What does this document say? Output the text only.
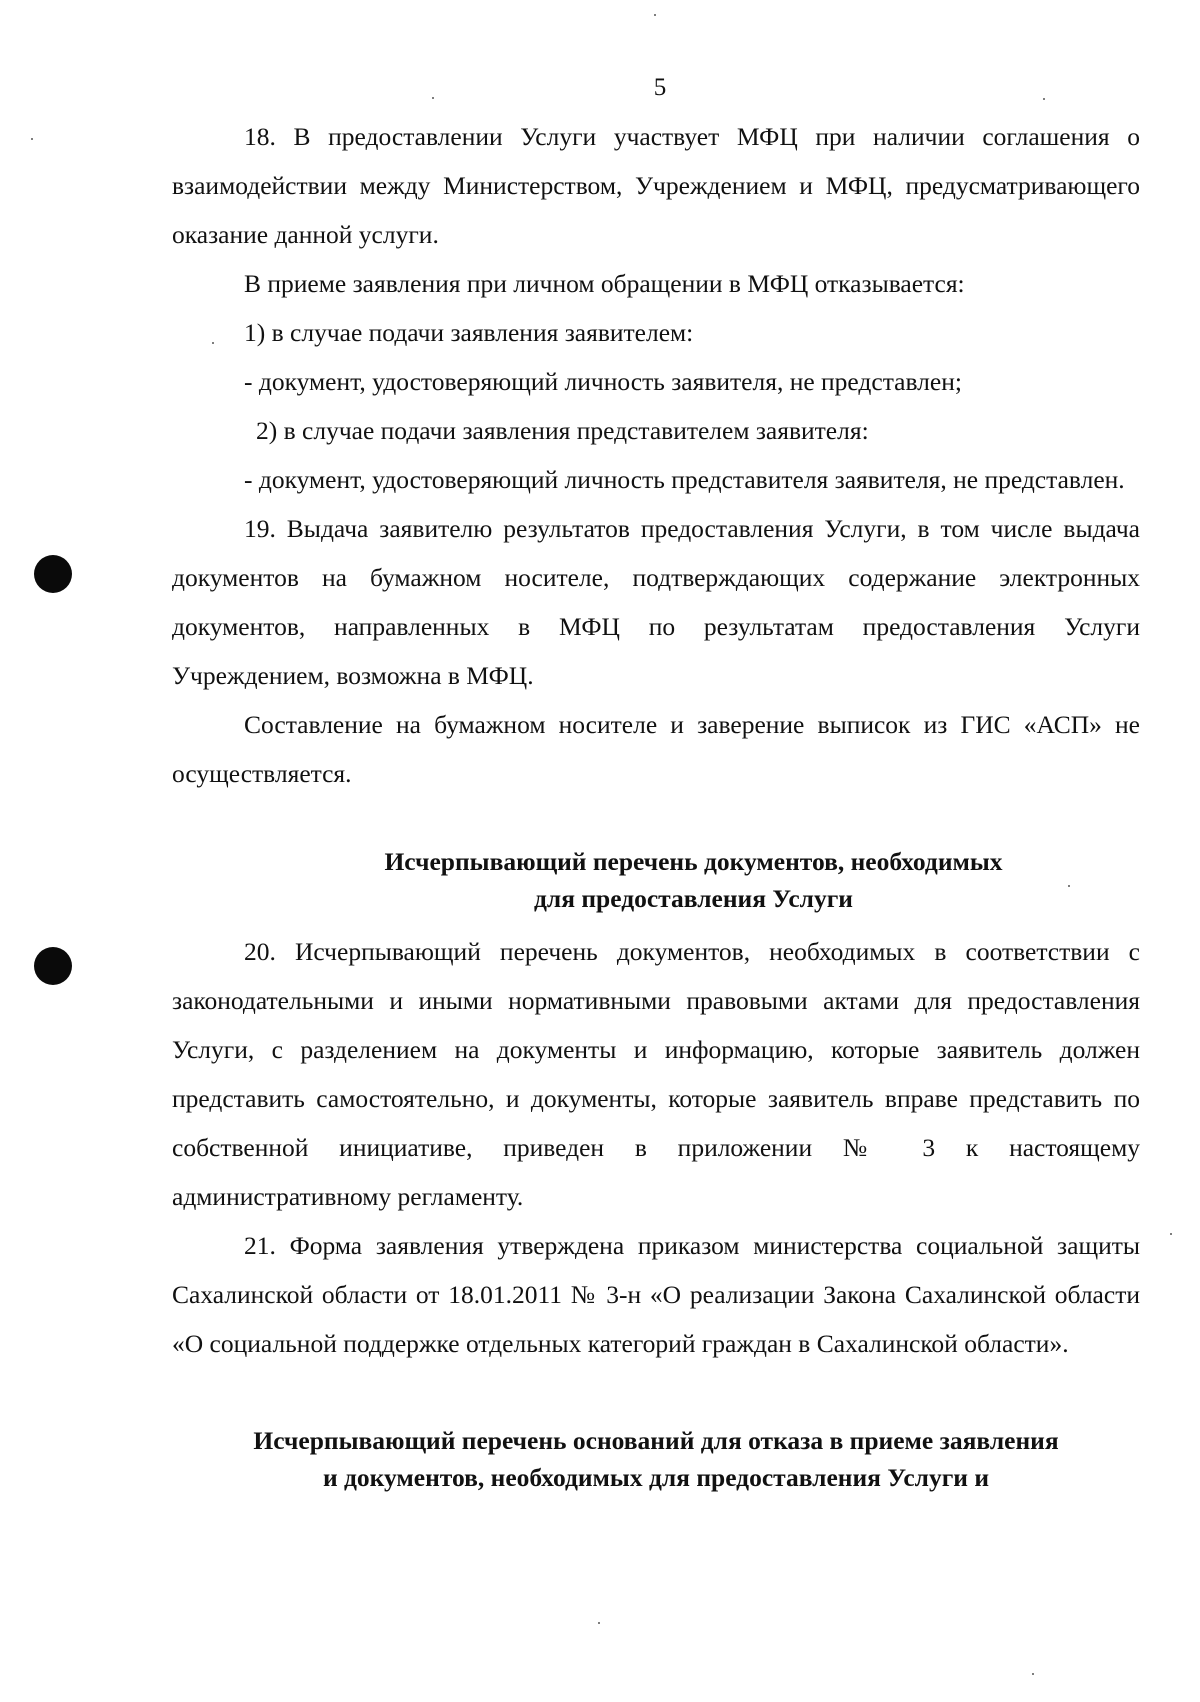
5

18. В предоставлении Услуги участвует МФЦ при наличии соглашения о взаимодействии между Министерством, Учреждением и МФЦ, предусматривающего оказание данной услуги.

В приеме заявления при личном обращении в МФЦ отказывается:

1) в случае подачи заявления заявителем:

- документ, удостоверяющий личность заявителя, не представлен;

2) в случае подачи заявления представителем заявителя:

- документ, удостоверяющий личность представителя заявителя, не представлен.

19. Выдача заявителю результатов предоставления Услуги, в том числе выдача документов на бумажном носителе, подтверждающих содержание электронных документов, направленных в МФЦ по результатам предоставления Услуги Учреждением, возможна в МФЦ.

Составление на бумажном носителе и заверение выписок из ГИС «АСП» не осуществляется.

Исчерпывающий перечень документов, необходимых
для предоставления Услуги

20. Исчерпывающий перечень документов, необходимых в соответствии с законодательными и иными нормативными правовыми актами для предоставления Услуги, с разделением на документы и информацию, которые заявитель должен представить самостоятельно, и документы, которые заявитель вправе представить по собственной инициативе, приведен в приложении № 3 к настоящему административному регламенту.

21. Форма заявления утверждена приказом министерства социальной защиты Сахалинской области от 18.01.2011 № 3-н «О реализации Закона Сахалинской области «О социальной поддержке отдельных категорий граждан в Сахалинской области».

Исчерпывающий перечень оснований для отказа в приеме заявления
и документов, необходимых для предоставления Услуги и
